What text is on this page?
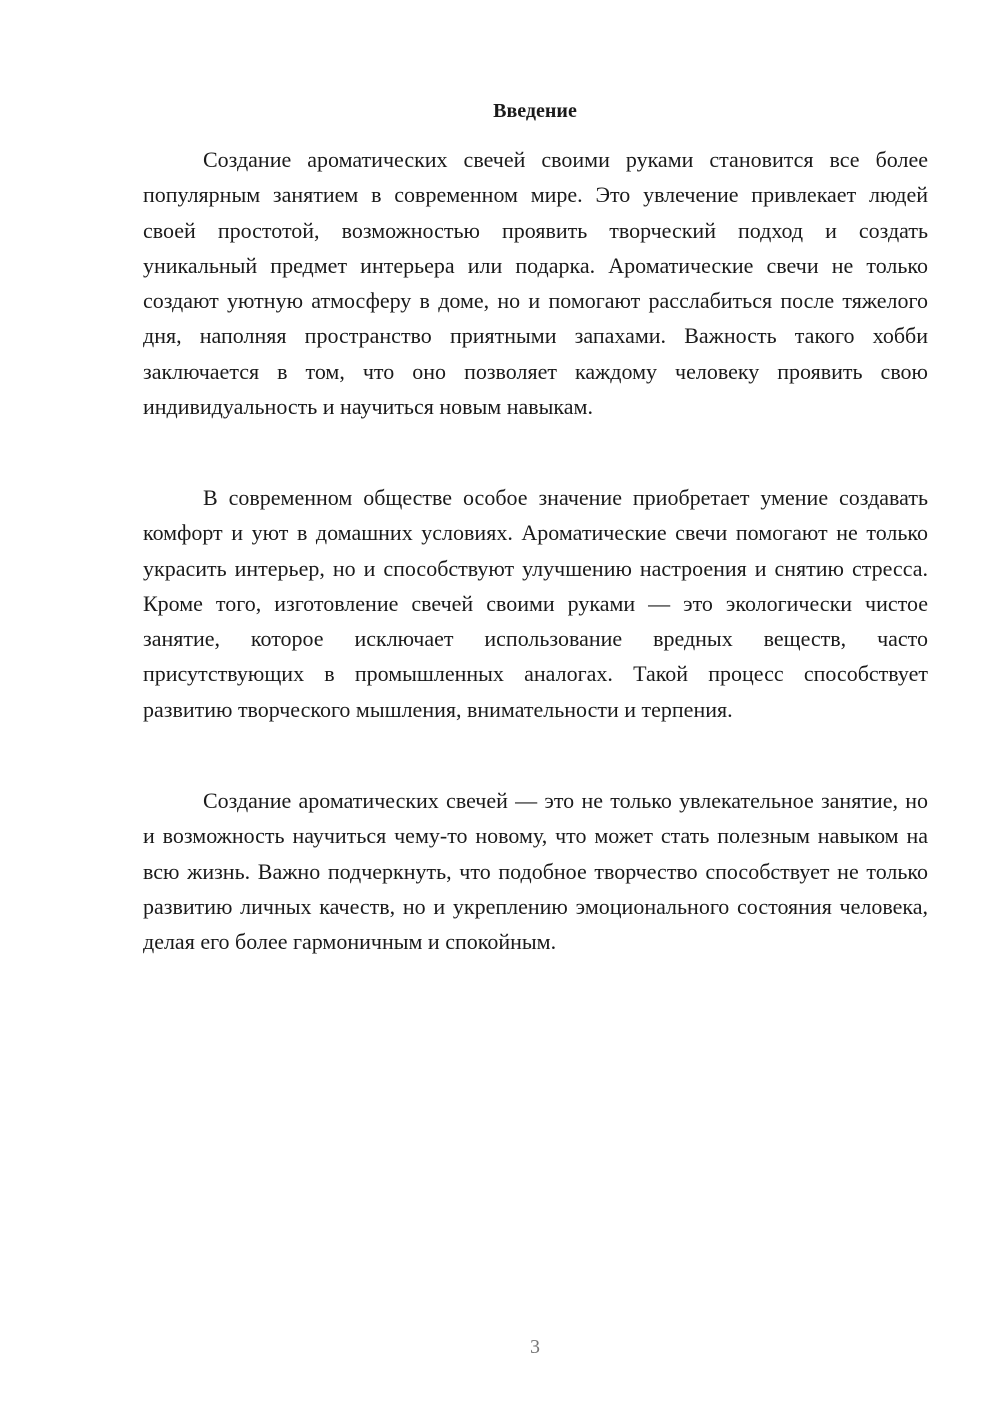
Введение

Создание ароматических свечей своими руками становится все более популярным занятием в современном мире. Это увлечение привлекает людей своей простотой, возможностью проявить творческий подход и создать уникальный предмет интерьера или подарка. Ароматические свечи не только создают уютную атмосферу в доме, но и помогают расслабиться после тяжелого дня, наполняя пространство приятными запахами. Важность такого хобби заключается в том, что оно позволяет каждому человеку проявить свою индивидуальность и научиться новым навыкам.

В современном обществе особое значение приобретает умение создавать комфорт и уют в домашних условиях. Ароматические свечи помогают не только украсить интерьер, но и способствуют улучшению настроения и снятию стресса. Кроме того, изготовление свечей своими руками — это экологически чистое занятие, которое исключает использование вредных веществ, часто присутствующих в промышленных аналогах. Такой процесс способствует развитию творческого мышления, внимательности и терпения.

Создание ароматических свечей — это не только увлекательное занятие, но и возможность научиться чему-то новому, что может стать полезным навыком на всю жизнь. Важно подчеркнуть, что подобное творчество способствует не только развитию личных качеств, но и укреплению эмоционального состояния человека, делая его более гармоничным и спокойным.

3
